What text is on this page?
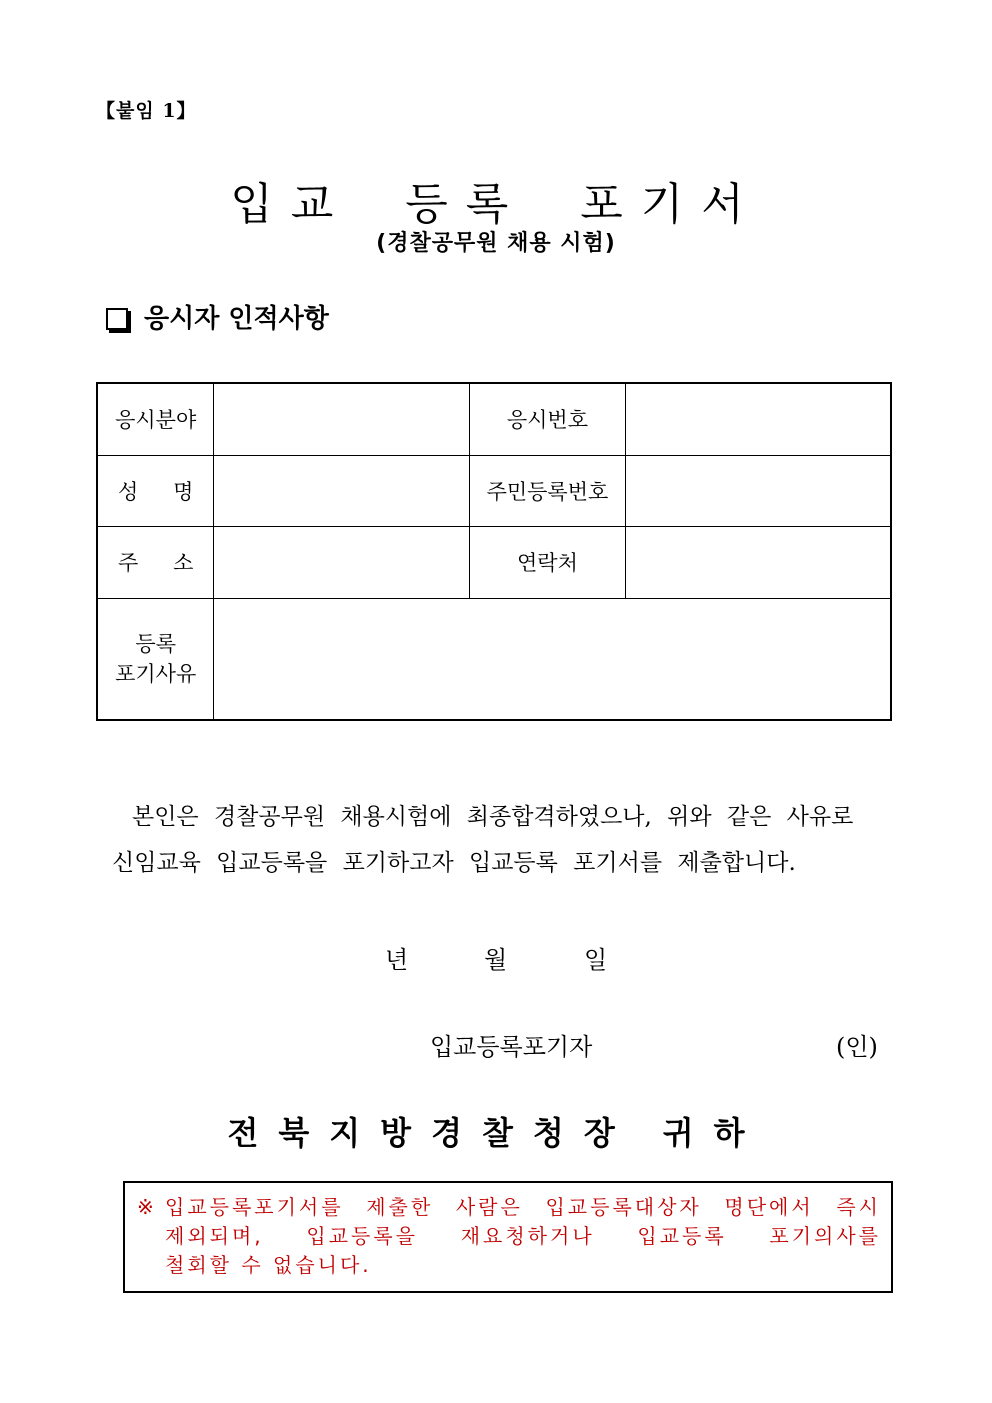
【붙임 1】
입교 등록 포기서
(경찰공무원 채용 시험)
응시자 인적사항
응시분야		응시번호	

성 명		주민등록번호	

주 소		연락처	

등록
포기사유			

본인은 경찰공무원 채용시험에 최종합격하였으나, 위와 같은 사유로
신임교육 입교등록을 포기하고자 입교등록 포기서를 제출합니다.
년	월	일
입교등록포기자	(인)
전북지방경찰청장 귀하
※ 입교등록포기서를 제출한 사람은 입교등록대상자 명단에서 즉시
제외되며, 입교등록을 재요청하거나 입교등록 포기의사를
철회할 수 없습니다.
